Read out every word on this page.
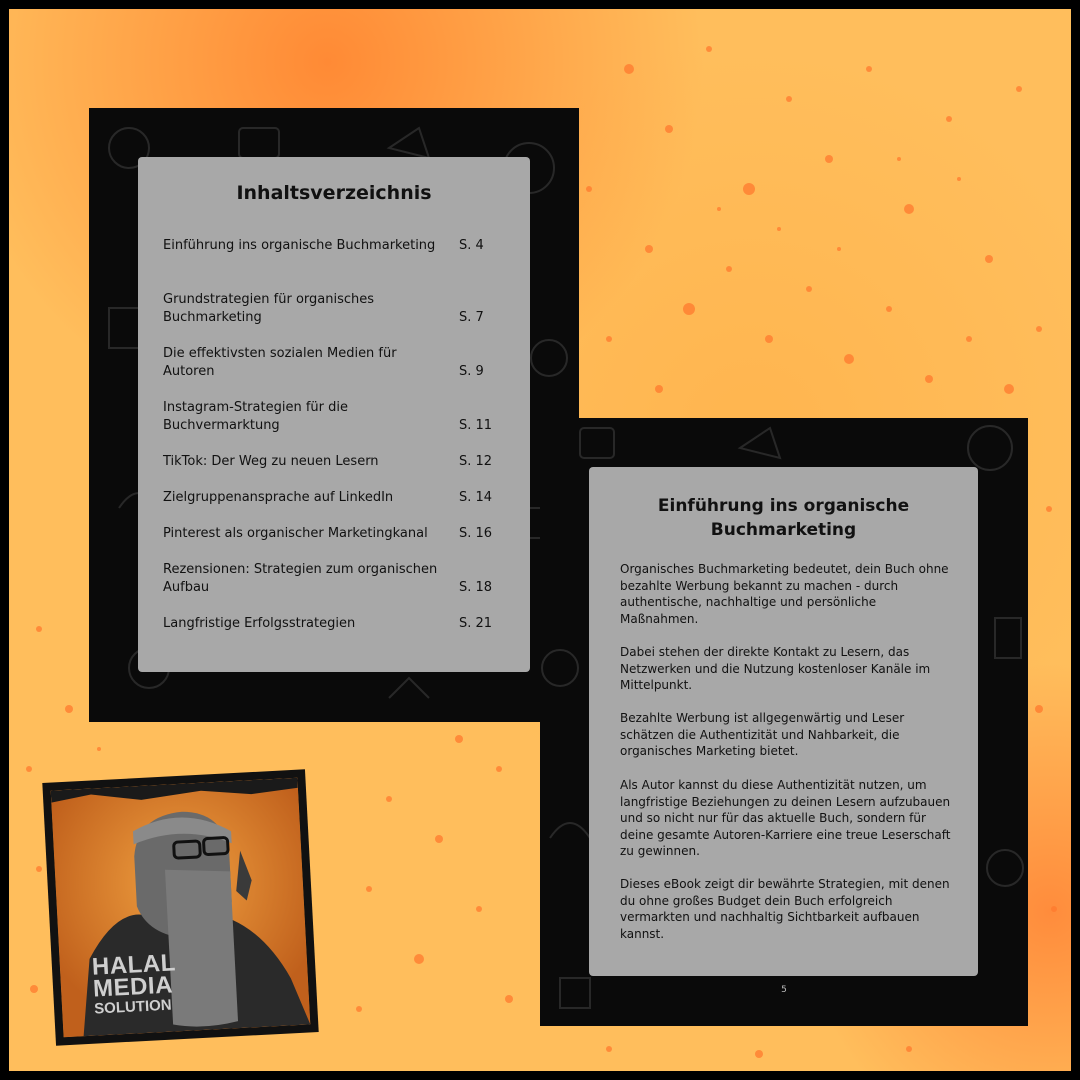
Inhaltsverzeichnis
Einführung ins organische Buchmarketing	S. 4
Grundstrategien für organisches Buchmarketing	S. 7
Die effektivsten sozialen Medien für Autoren	S. 9
Instagram-Strategien für die Buchvermarktung	S. 11
TikTok: Der Weg zu neuen Lesern	S. 12
Zielgruppenansprache auf LinkedIn	S. 14
Pinterest als organischer Marketingkanal	S. 16
Rezensionen: Strategien zum organischen Aufbau	S. 18
Langfristige Erfolgsstrategien	S. 21
Einführung ins organische
Buchmarketing
Organisches Buchmarketing bedeutet, dein Buch ohne bezahlte Werbung bekannt zu machen - durch authentische, nachhaltige und persönliche Maßnahmen.
Dabei stehen der direkte Kontakt zu Lesern, das Netzwerken und die Nutzung kostenloser Kanäle im Mittelpunkt.
Bezahlte Werbung ist allgegenwärtig und Leser schätzen die Authentizität und Nahbarkeit, die organisches Marketing bietet.
Als Autor kannst du diese Authentizität nutzen, um langfristige Beziehungen zu deinen Lesern aufzubauen und so nicht nur für das aktuelle Buch, sondern für deine gesamte Autoren-Karriere eine treue Leserschaft zu gewinnen.
Dieses eBook zeigt dir bewährte Strategien, mit denen du ohne großes Budget dein Buch erfolgreich vermarkten und nachhaltig Sichtbarkeit aufbauen kannst.
5
HALAL
MEDIA
SOLUTION
